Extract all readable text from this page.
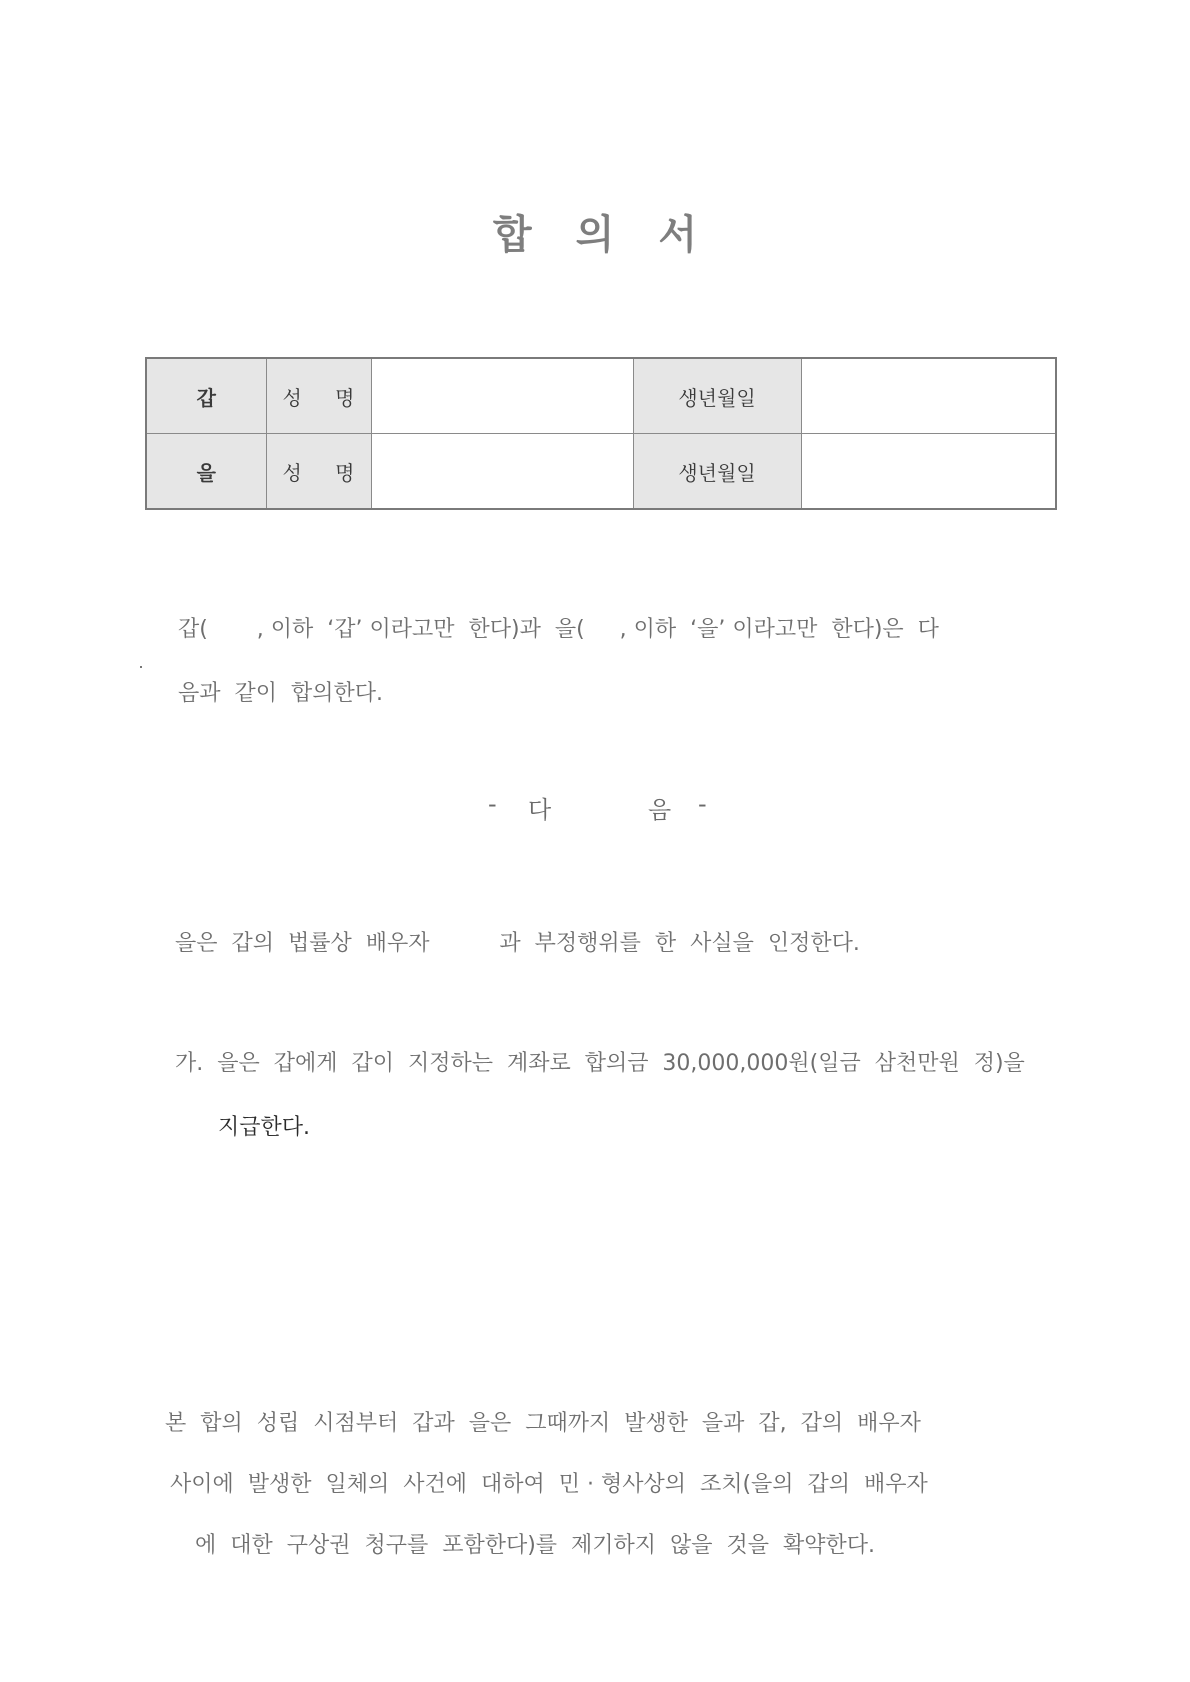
합 의 서
갑	성 명		생년월일	
을	성 명		생년월일	
갑(       , 이하  ‘갑’ 이라고만  한다)과  을(     , 이하  ‘을’ 이라고만  한다)은  다
음과  같이  합의한다.
- 다	음 -
을은  갑의  법률상  배우자          과  부정행위를  한  사실을  인정한다.
가.  을은  갑에게  갑이  지정하는  계좌로  합의금  30,000,000원(일금  삼천만원  정)을
지급한다.
본  합의  성립  시점부터  갑과  을은  그때까지  발생한  을과  갑,  갑의  배우자
사이에  발생한  일체의  사건에  대하여  민 · 형사상의  조치(을의  갑의  배우자
에  대한  구상권  청구를  포함한다)를  제기하지  않을  것을  확약한다.
